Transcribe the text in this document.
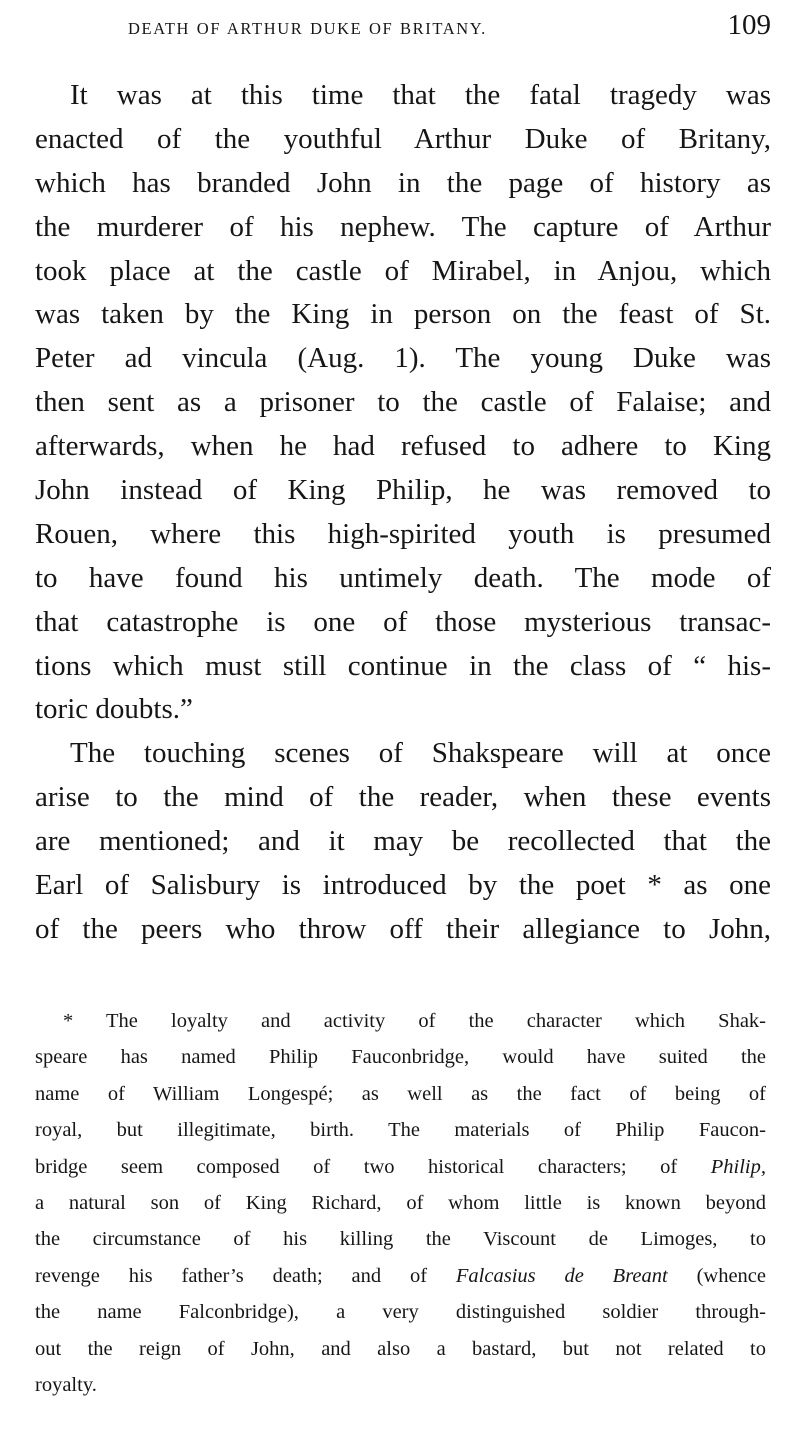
DEATH OF ARTHUR DUKE OF BRITANY.	109
It was at this time that the fatal tragedy was
enacted of the youthful Arthur Duke of Britany,
which has branded John in the page of history as
the murderer of his nephew. The capture of Arthur
took place at the castle of Mirabel, in Anjou, which
was taken by the King in person on the feast of St.
Peter ad vincula (Aug. 1). The young Duke was
then sent as a prisoner to the castle of Falaise; and
afterwards, when he had refused to adhere to King
John instead of King Philip, he was removed to
Rouen, where this high-spirited youth is presumed
to have found his untimely death. The mode of
that catastrophe is one of those mysterious transac-
tions which must still continue in the class of “ his-
toric doubts.”
The touching scenes of Shakspeare will at once
arise to the mind of the reader, when these events
are mentioned; and it may be recollected that the
Earl of Salisbury is introduced by the poet * as one
of the peers who throw off their allegiance to John,
* The loyalty and activity of the character which Shak-
speare has named Philip Fauconbridge, would have suited the
name of William Longespé; as well as the fact of being of
royal, but illegitimate, birth. The materials of Philip Faucon-
bridge seem composed of two historical characters; of Philip,
a natural son of King Richard, of whom little is known beyond
the circumstance of his killing the Viscount de Limoges, to
revenge his father’s death; and of Falcasius de Breant (whence
the name Falconbridge), a very distinguished soldier through-
out the reign of John, and also a bastard, but not related to
royalty.
